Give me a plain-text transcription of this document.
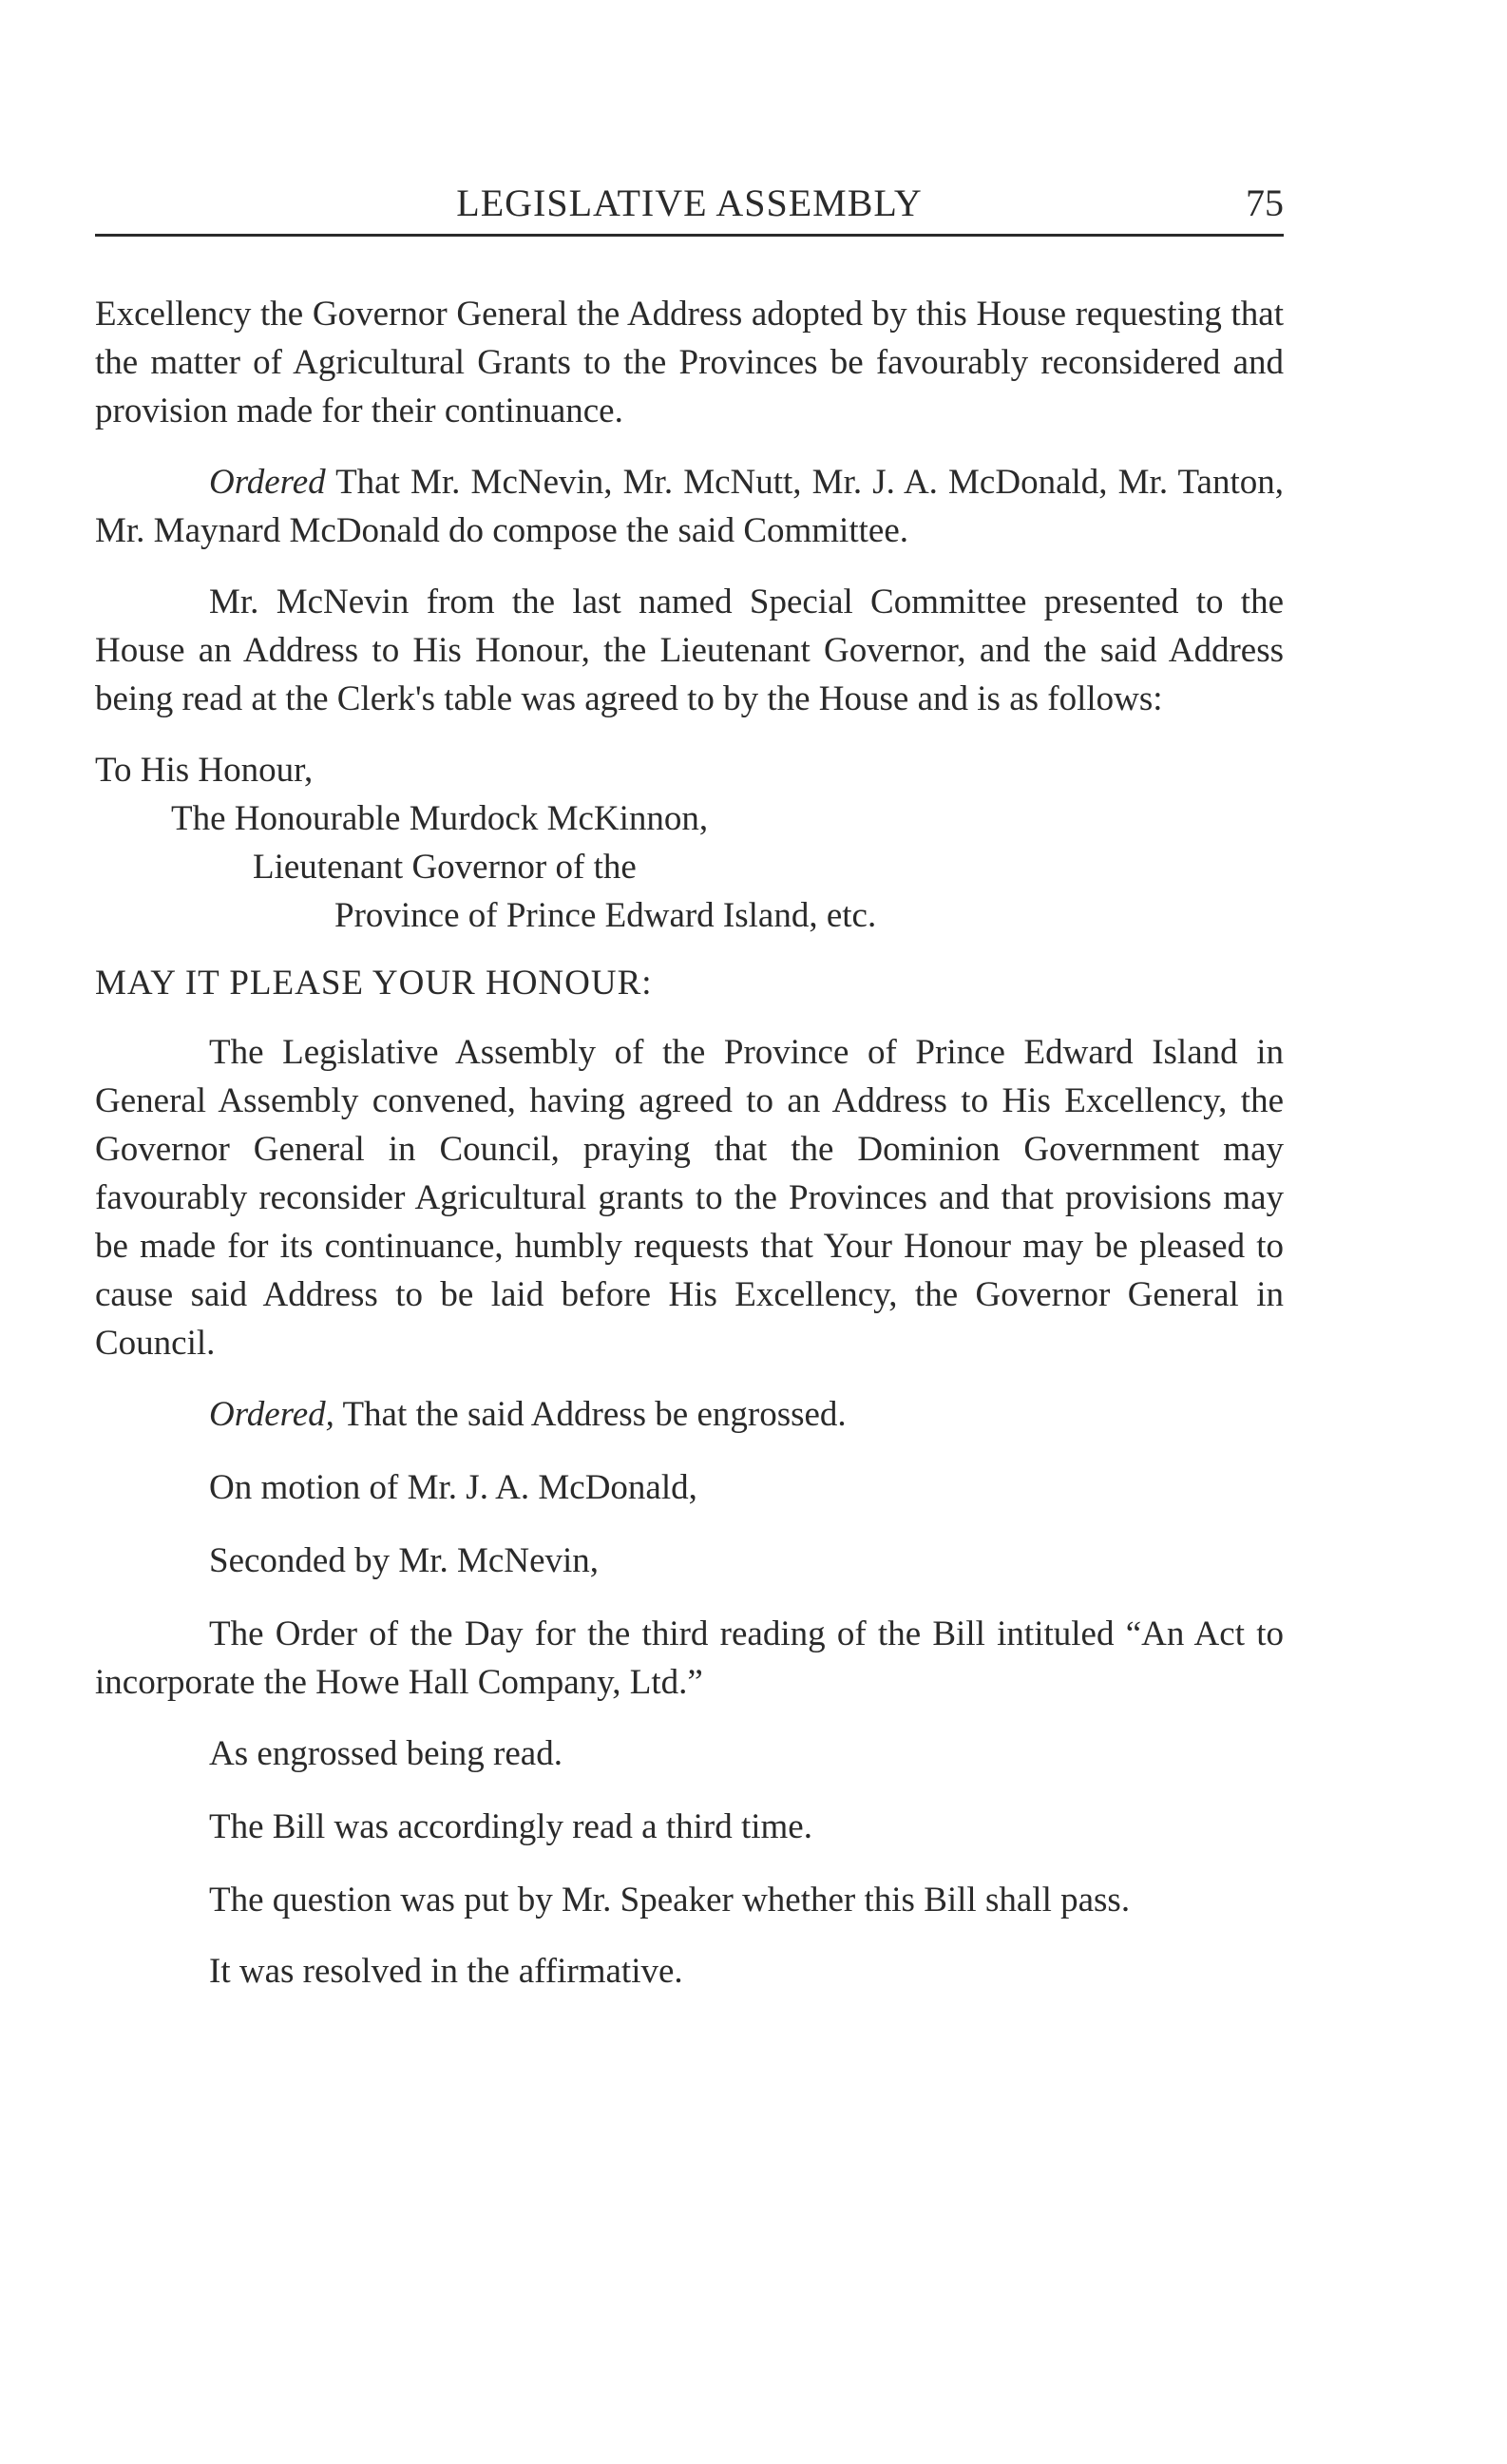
LEGISLATIVE ASSEMBLY	75

Excellency the Governor General the Address adopted by this House requesting that the matter of Agricultural Grants to the Provinces be favourably reconsidered and provision made for their continuance.

Ordered That Mr. McNevin, Mr. McNutt, Mr. J. A. McDonald, Mr. Tanton, Mr. Maynard McDonald do compose the said Committee.

Mr. McNevin from the last named Special Committee presented to the House an Address to His Honour, the Lieutenant Governor, and the said Address being read at the Clerk's table was agreed to by the House and is as follows:

To His Honour,

The Honourable Murdock McKinnon,

Lieutenant Governor of the

Province of Prince Edward Island, etc.

MAY IT PLEASE YOUR HONOUR:

The Legislative Assembly of the Province of Prince Edward Island in General Assembly convened, having agreed to an Address to His Excellency, the Governor General in Council, praying that the Dominion Government may favourably reconsider Agricultural grants to the Provinces and that provisions may be made for its continuance, humbly requests that Your Honour may be pleased to cause said Address to be laid before His Excellency, the Governor General in Council.

Ordered, That the said Address be engrossed.

On motion of Mr. J. A. McDonald,

Seconded by Mr. McNevin,

The Order of the Day for the third reading of the Bill intituled “An Act to incorporate the Howe Hall Company, Ltd.”

As engrossed being read.

The Bill was accordingly read a third time.

The question was put by Mr. Speaker whether this Bill shall pass.

It was resolved in the affirmative.
